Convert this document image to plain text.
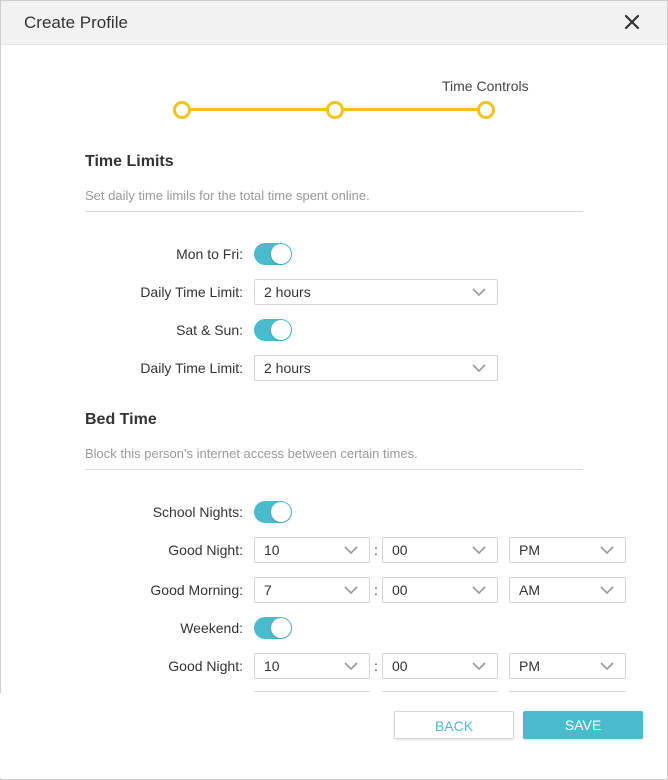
Create Profile
Time Controls
Time Limits
Set daily time limils for the total time spent online.
Mon to Fri:
Daily Time Limit: 2 hours
Sat & Sun:
Daily Time Limit: 2 hours
Bed Time
Block this person's internet access between certain times.
School Nights:
Good Night: 10	: 00	PM
Good Morning: 7	: 00	AM
Weekend:
Good Night: 10	: 00	PM
BACK	SAVE
